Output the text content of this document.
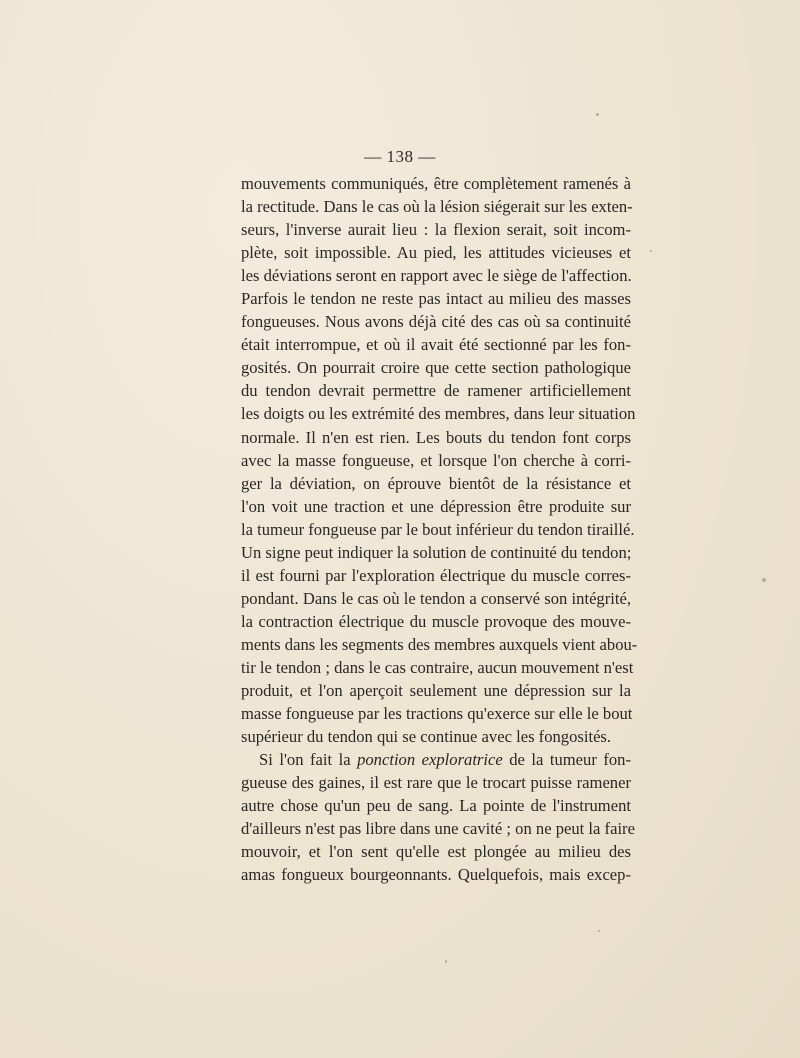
— 138 —
mouvements communiqués, être complètement ramenés à
la rectitude. Dans le cas où la lésion siégerait sur les exten-
seurs, l'inverse aurait lieu : la flexion serait, soit incom-
plète, soit impossible. Au pied, les attitudes vicieuses et
les déviations seront en rapport avec le siège de l'affection.
Parfois le tendon ne reste pas intact au milieu des masses
fongueuses. Nous avons déjà cité des cas où sa continuité
était interrompue, et où il avait été sectionné par les fon-
gosités. On pourrait croire que cette section pathologique
du tendon devrait permettre de ramener artificiellement
les doigts ou les extrémité des membres, dans leur situation
normale. Il n'en est rien. Les bouts du tendon font corps
avec la masse fongueuse, et lorsque l'on cherche à corri-
ger la déviation, on éprouve bientôt de la résistance et
l'on voit une traction et une dépression être produite sur
la tumeur fongueuse par le bout inférieur du tendon tiraillé.
Un signe peut indiquer la solution de continuité du tendon;
il est fourni par l'exploration électrique du muscle corres-
pondant. Dans le cas où le tendon a conservé son intégrité,
la contraction électrique du muscle provoque des mouve-
ments dans les segments des membres auxquels vient abou-
tir le tendon ; dans le cas contraire, aucun mouvement n'est
produit, et l'on aperçoit seulement une dépression sur la
masse fongueuse par les tractions qu'exerce sur elle le bout
supérieur du tendon qui se continue avec les fongosités.
Si l'on fait la ponction exploratrice de la tumeur fon-
gueuse des gaines, il est rare que le trocart puisse ramener
autre chose qu'un peu de sang. La pointe de l'instrument
d'ailleurs n'est pas libre dans une cavité ; on ne peut la faire
mouvoir, et l'on sent qu'elle est plongée au milieu des
amas fongueux bourgeonnants. Quelquefois, mais excep-
